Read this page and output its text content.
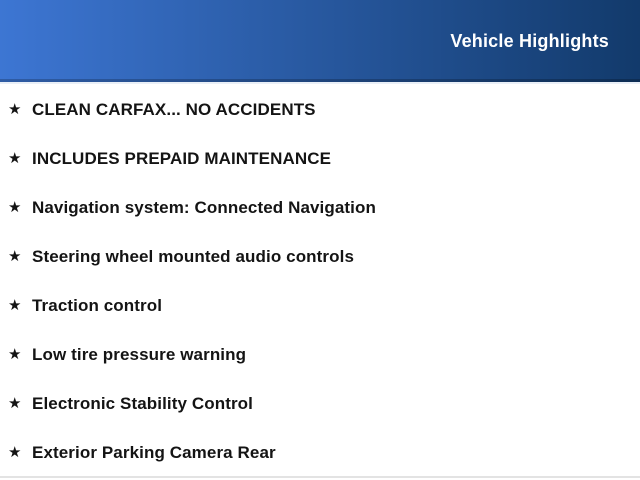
Vehicle Highlights
★ CLEAN CARFAX... NO ACCIDENTS
★ INCLUDES PREPAID MAINTENANCE
★ Navigation system: Connected Navigation
★ Steering wheel mounted audio controls
★ Traction control
★ Low tire pressure warning
★ Electronic Stability Control
★ Exterior Parking Camera Rear
